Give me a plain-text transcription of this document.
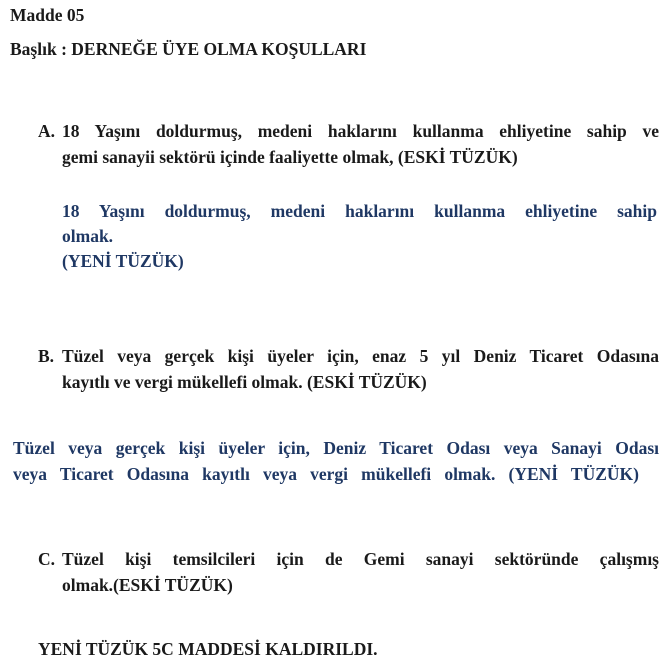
Madde 05
Başlık : DERNEĞE ÜYE OLMA KOŞULLARI
A. 18 Yaşını doldurmuş, medeni haklarını kullanma ehliyetine sahip ve
gemi sanayii sektörü içinde faaliyette olmak, (ESKİ TÜZÜK)
18 Yaşını doldurmuş, medeni haklarını kullanma ehliyetine sahip
olmak.
(YENİ TÜZÜK)
B. Tüzel veya gerçek kişi üyeler için, enaz 5 yıl Deniz Ticaret Odasına
kayıtlı ve vergi mükellefi olmak. (ESKİ TÜZÜK)
Tüzel veya gerçek kişi üyeler için, Deniz Ticaret Odası veya Sanayi Odası
veya Ticaret Odasına kayıtlı veya vergi mükellefi olmak. (YENİ TÜZÜK)
C. Tüzel kişi temsilcileri için de Gemi sanayi sektöründe çalışmış
olmak.(ESKİ TÜZÜK)
YENİ TÜZÜK 5C MADDESİ KALDIRILDI.
